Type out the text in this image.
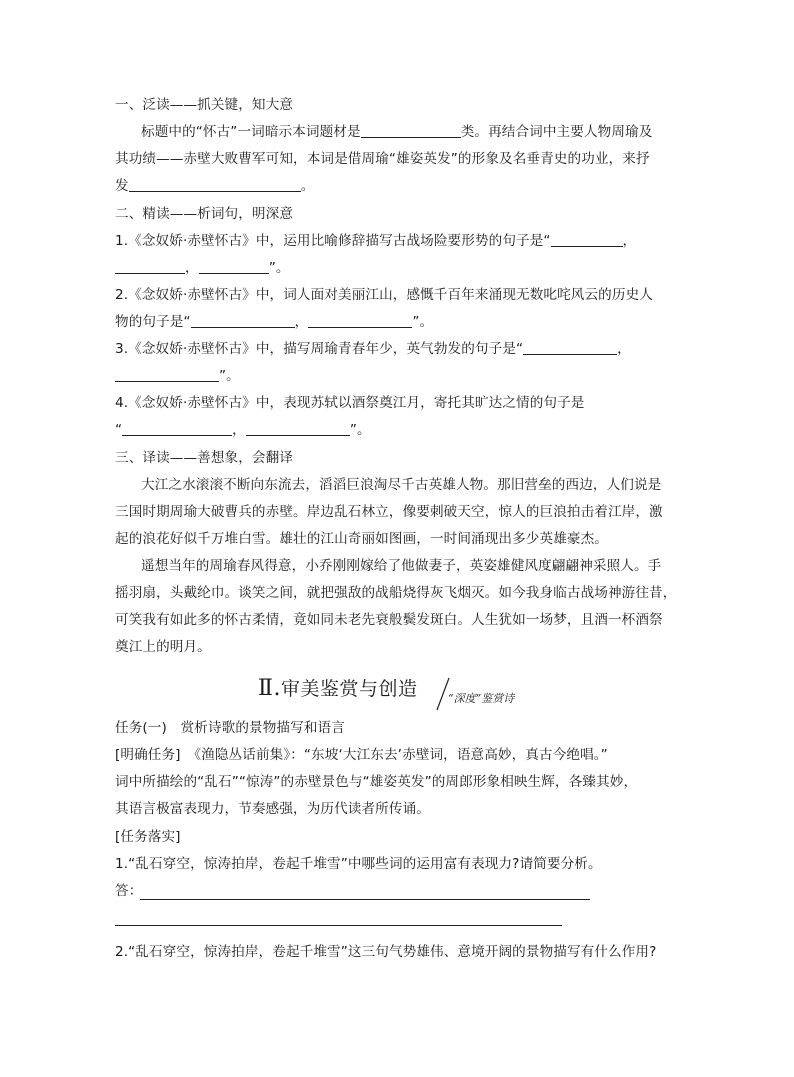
一、泛读——抓关键，知大意
标题中的“怀古”一词暗示本词题材是	类。再结合词中主要人物周瑜及
其功绩——赤壁大败曹军可知，本词是借周瑜“雄姿英发”的形象及名垂青史的功业，来抒
发	。
二、精读——析词句，明深意
1.《念奴娇·赤壁怀古》中，运用比喻修辞描写古战场险要形势的句子是“	，
，	”。
2.《念奴娇·赤壁怀古》中，词人面对美丽江山，感慨千百年来涌现无数叱咤风云的历史人
物的句子是“	，	”。
3.《念奴娇·赤壁怀古》中，描写周瑜青春年少，英气勃发的句子是“	，
”。
4.《念奴娇·赤壁怀古》中，表现苏轼以酒祭奠江月，寄托其旷达之情的句子是
“	，	”。
三、译读——善想象，会翻译
大江之水滚滚不断向东流去，滔滔巨浪淘尽千古英雄人物。那旧营垒的西边，人们说是
三国时期周瑜大破曹兵的赤壁。岸边乱石林立，像要刺破天空，惊人的巨浪拍击着江岸，激
起的浪花好似千万堆白雪。雄壮的江山奇丽如图画，一时间涌现出多少英雄豪杰。
遥想当年的周瑜春风得意，小乔刚刚嫁给了他做妻子，英姿雄健风度翩翩神采照人。手
摇羽扇，头戴纶巾。谈笑之间，就把强敌的战船烧得灰飞烟灭。如今我身临古战场神游往昔，
可笑我有如此多的怀古柔情，竟如同未老先衰般鬓发斑白。人生犹如一场梦，且酒一杯酒祭
奠江上的明月。
Ⅱ.审美鉴赏与创造	“深度”鉴赏诗
任务(一)　赏析诗歌的景物描写和语言
[明确任务]　《渔隐丛话前集》：“东坡‘大江东去’赤壁词，语意高妙，真古今绝唱。”
词中所描绘的“乱石”“惊涛”的赤壁景色与“雄姿英发”的周郎形象相映生辉，各臻其妙，
其语言极富表现力，节奏感强，为历代读者所传诵。
[任务落实]
1.“乱石穿空，惊涛拍岸，卷起千堆雪”中哪些词的运用富有表现力?请简要分析。
答：
2.“乱石穿空，惊涛拍岸，卷起千堆雪”这三句气势雄伟、意境开阔的景物描写有什么作用?
